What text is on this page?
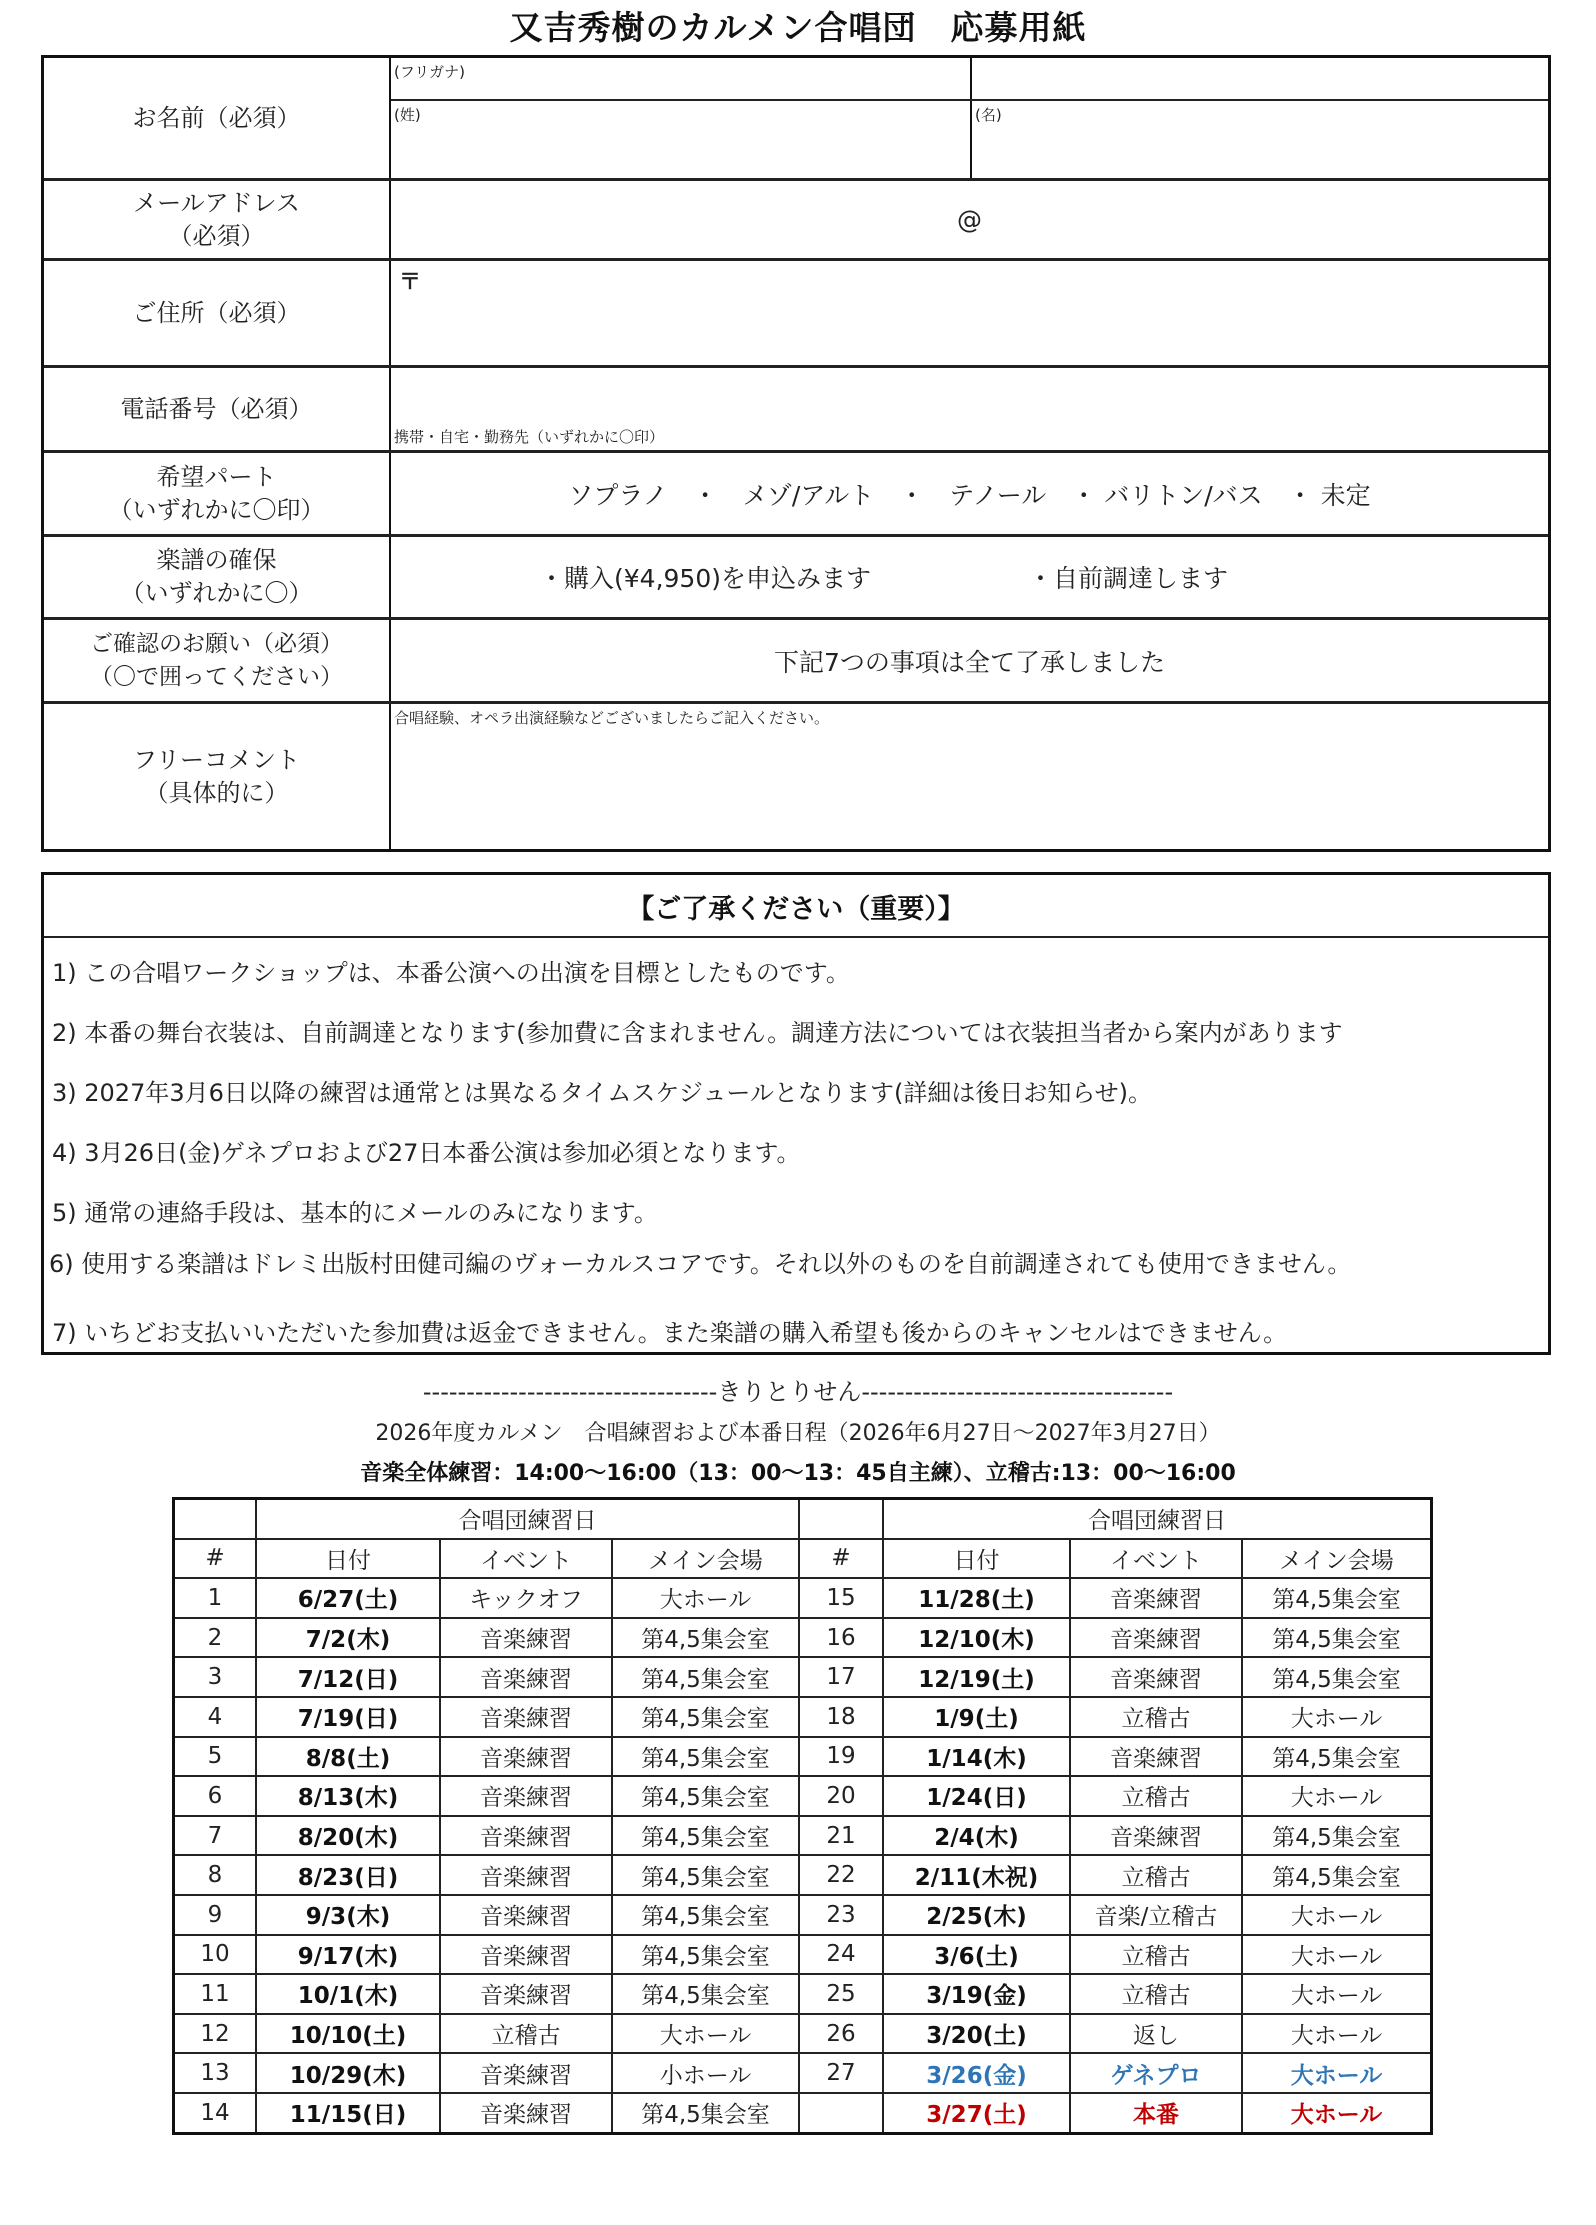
又吉秀樹のカルメン合唱団　応募用紙
お名前（必須）
(フリガナ)
(姓)	(名)
メールアドレス
（必須）
@
ご住所（必須）
〒
電話番号（必須）
携帯・自宅・勤務先（いずれかに〇印）
希望パート
（いずれかに〇印）	ソプラノ　・　メゾ/アルト　・　テノール　・ バリトン/バス　・ 未定
楽譜の確保
（いずれかに〇）	・購入(¥4,950)を申込みます	・自前調達します
ご確認のお願い（必須）
（〇で囲ってください）	下記7つの事項は全て了承しました
フリーコメント
（具体的に）
合唱経験、オペラ出演経験などございましたらご記入ください。
【ご了承ください（重要）】
1) この合唱ワークショップは、本番公演への出演を目標としたものです。
2) 本番の舞台衣装は、自前調達となります(参加費に含まれません。調達方法については衣装担当者から案内があります
3) 2027年3月6日以降の練習は通常とは異なるタイムスケジュールとなります(詳細は後日お知らせ)。
4) 3月26日(金)ゲネプロおよび27日本番公演は参加必須となります。
5) 通常の連絡手段は、基本的にメールのみになります。
7) いちどお支払いいただいた参加費は返金できません。また楽譜の購入希望も後からのキャンセルはできません。
6) 使用する楽譜はドレミ出版村田健司編のヴォーカルスコアです。それ以外のものを自前調達されても使用できません。
----------------------------------きりとりせん------------------------------------
2026年度カルメン　合唱練習および本番日程（2026年6月27日～2027年3月27日）
音楽全体練習：14:00～16:00（13：00～13：45自主練）、立稽古:13：00～16:00
	合唱団練習日				合唱団練習日		
#	日付	イベント	メイン会場	#	日付	イベント	メイン会場
1	6/27(土)	キックオフ	大ホール	15	11/28(土)	音楽練習	第4,5集会室
2	7/2(木)	音楽練習	第4,5集会室	16	12/10(木)	音楽練習	第4,5集会室
3	7/12(日)	音楽練習	第4,5集会室	17	12/19(土)	音楽練習	第4,5集会室
4	7/19(日)	音楽練習	第4,5集会室	18	1/9(土)	立稽古	大ホール
5	8/8(土)	音楽練習	第4,5集会室	19	1/14(木)	音楽練習	第4,5集会室
6	8/13(木)	音楽練習	第4,5集会室	20	1/24(日)	立稽古	大ホール
7	8/20(木)	音楽練習	第4,5集会室	21	2/4(木)	音楽練習	第4,5集会室
8	8/23(日)	音楽練習	第4,5集会室	22	2/11(木祝)	立稽古	第4,5集会室
9	9/3(木)	音楽練習	第4,5集会室	23	2/25(木)	音楽/立稽古	大ホール
10	9/17(木)	音楽練習	第4,5集会室	24	3/6(土)	立稽古	大ホール
11	10/1(木)	音楽練習	第4,5集会室	25	3/19(金)	立稽古	大ホール
12	10/10(土)	立稽古	大ホール	26	3/20(土)	返し	大ホール
13	10/29(木)	音楽練習	小ホール	27	3/26(金)	ゲネプロ	大ホール
14	11/15(日)	音楽練習	第4,5集会室		3/27(土)	本番	大ホール
